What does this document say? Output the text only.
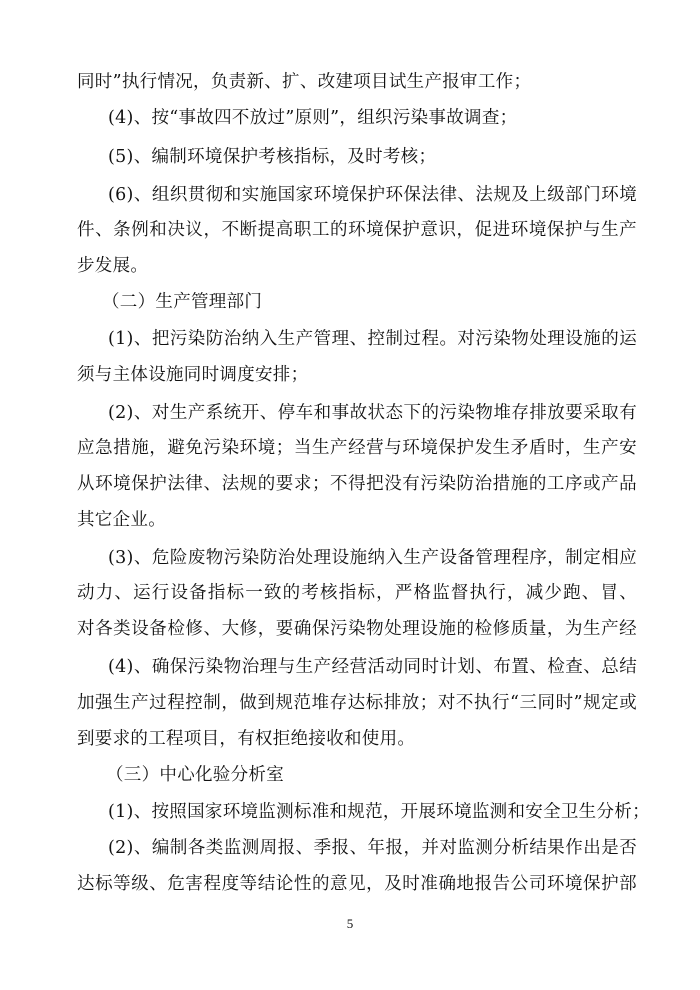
同时”执行情况，负责新、扩、改建项目试生产报审工作；
(4)、按“事故四不放过”原则”，组织污染事故调查；
(5)、编制环境保护考核指标，及时考核；
(6)、组织贯彻和实施国家环境保护环保法律、法规及上级部门环境
件、条例和决议，不断提高职工的环境保护意识，促进环境保护与生产
步发展。
（二）生产管理部门
(1)、把污染防治纳入生产管理、控制过程。对污染物处理设施的运
须与主体设施同时调度安排；
(2)、对生产系统开、停车和事故状态下的污染物堆存排放要采取有
应急措施，避免污染环境；当生产经营与环境保护发生矛盾时，生产安
从环境保护法律、法规的要求；不得把没有污染防治措施的工序或产品
其它企业。
(3)、危险废物污染防治处理设施纳入生产设备管理程序，制定相应
动力、运行设备指标一致的考核指标，严格监督执行，减少跑、冒、
对各类设备检修、大修，要确保污染物处理设施的检修质量，为生产经
(4)、确保污染物治理与生产经营活动同时计划、布置、检查、总结
加强生产过程控制，做到规范堆存达标排放；对不执行“三同时”规定或
到要求的工程项目，有权拒绝接收和使用。
（三）中心化验分析室
(1)、按照国家环境监测标准和规范，开展环境监测和安全卫生分析；
(2)、编制各类监测周报、季报、年报，并对监测分析结果作出是否
达标等级、危害程度等结论性的意见，及时准确地报告公司环境保护部
5
